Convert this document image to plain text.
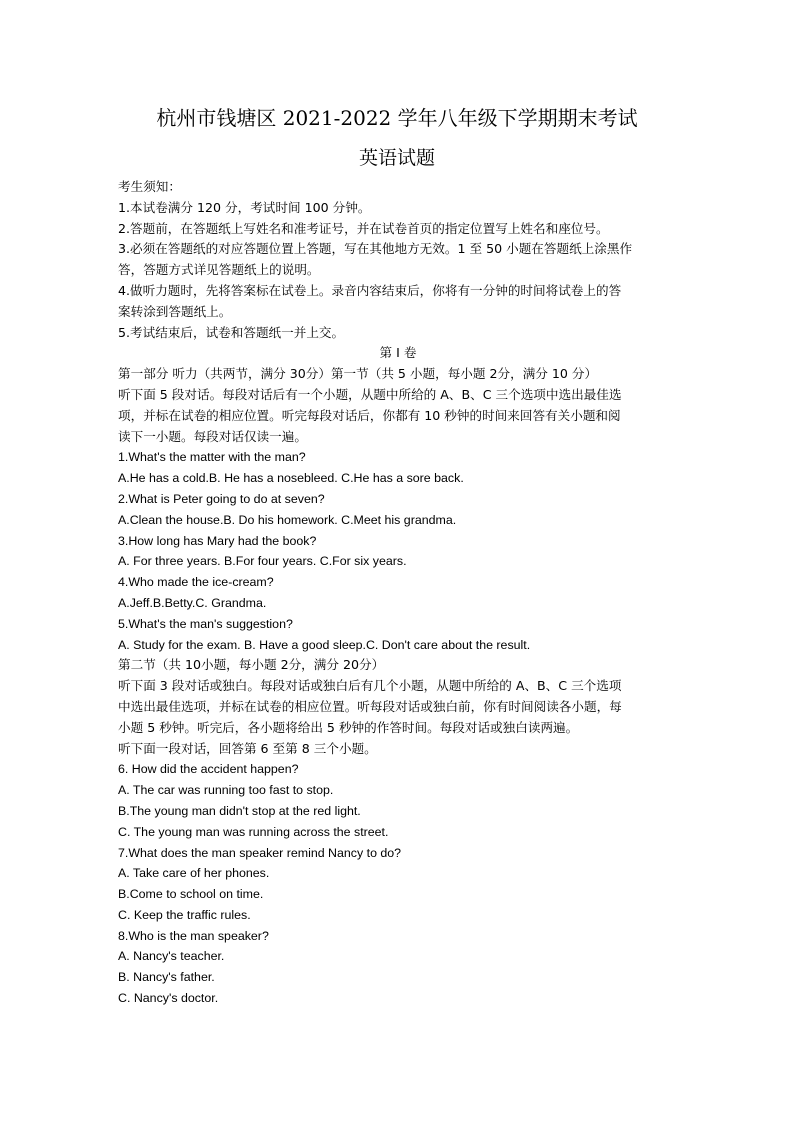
杭州市钱塘区 2021-2022 学年八年级下学期期末考试
英语试题

考生须知：

1.本试卷满分 120 分，考试时间 100 分钟。

2.答题前，在答题纸上写姓名和准考证号，并在试卷首页的指定位置写上姓名和座位号。

3.必须在答题纸的对应答题位置上答题，写在其他地方无效。1 至 50 小题在答题纸上涂黑作

答，答题方式详见答题纸上的说明。

4.做听力题时，先将答案标在试卷上。录音内容结束后，你将有一分钟的时间将试卷上的答

案转涂到答题纸上。

5.考试结束后，试卷和答题纸一并上交。

第 I 卷

第一部分 听力（共两节，满分 30分）第一节（共 5 小题，每小题 2分，满分 10 分）

听下面 5 段对话。每段对话后有一个小题，从题中所给的 A、B、C 三个选项中选出最佳选

项，并标在试卷的相应位置。听完每段对话后，你都有 10 秒钟的时间来回答有关小题和阅

读下一小题。每段对话仅读一遍。

1.What's the matter with the man?

A.He has a cold.B. He has a nosebleed. C.He has a sore back.

2.What is Peter going to do at seven?

A.Clean the house.B. Do his homework. C.Meet his grandma.

3.How long has Mary had the book?

A. For three years. B.For four years. C.For six years.

4.Who made the ice-cream?

A.Jeff.B.Betty.C. Grandma.

5.What's the man's suggestion?

A. Study for the exam. B. Have a good sleep.C. Don't care about the result.

第二节（共 10小题，每小题 2分，满分 20分）

听下面 3 段对话或独白。每段对话或独白后有几个小题，从题中所给的 A、B、C 三个选项

中选出最佳选项，并标在试卷的相应位置。听每段对话或独白前，你有时间阅读各小题，每

小题 5 秒钟。听完后，各小题将给出 5 秒钟的作答时间。每段对话或独白读两遍。

听下面一段对话，回答第 6 至第 8 三个小题。

6. How did the accident happen?

A. The car was running too fast to stop.

B.The young man didn't stop at the red light.

C. The young man was running across the street.

7.What does the man speaker remind Nancy to do?

A. Take care of her phones.

B.Come to school on time.

C. Keep the traffic rules.

8.Who is the man speaker?

A. Nancy's teacher.

B. Nancy's father.

C. Nancy's doctor.
